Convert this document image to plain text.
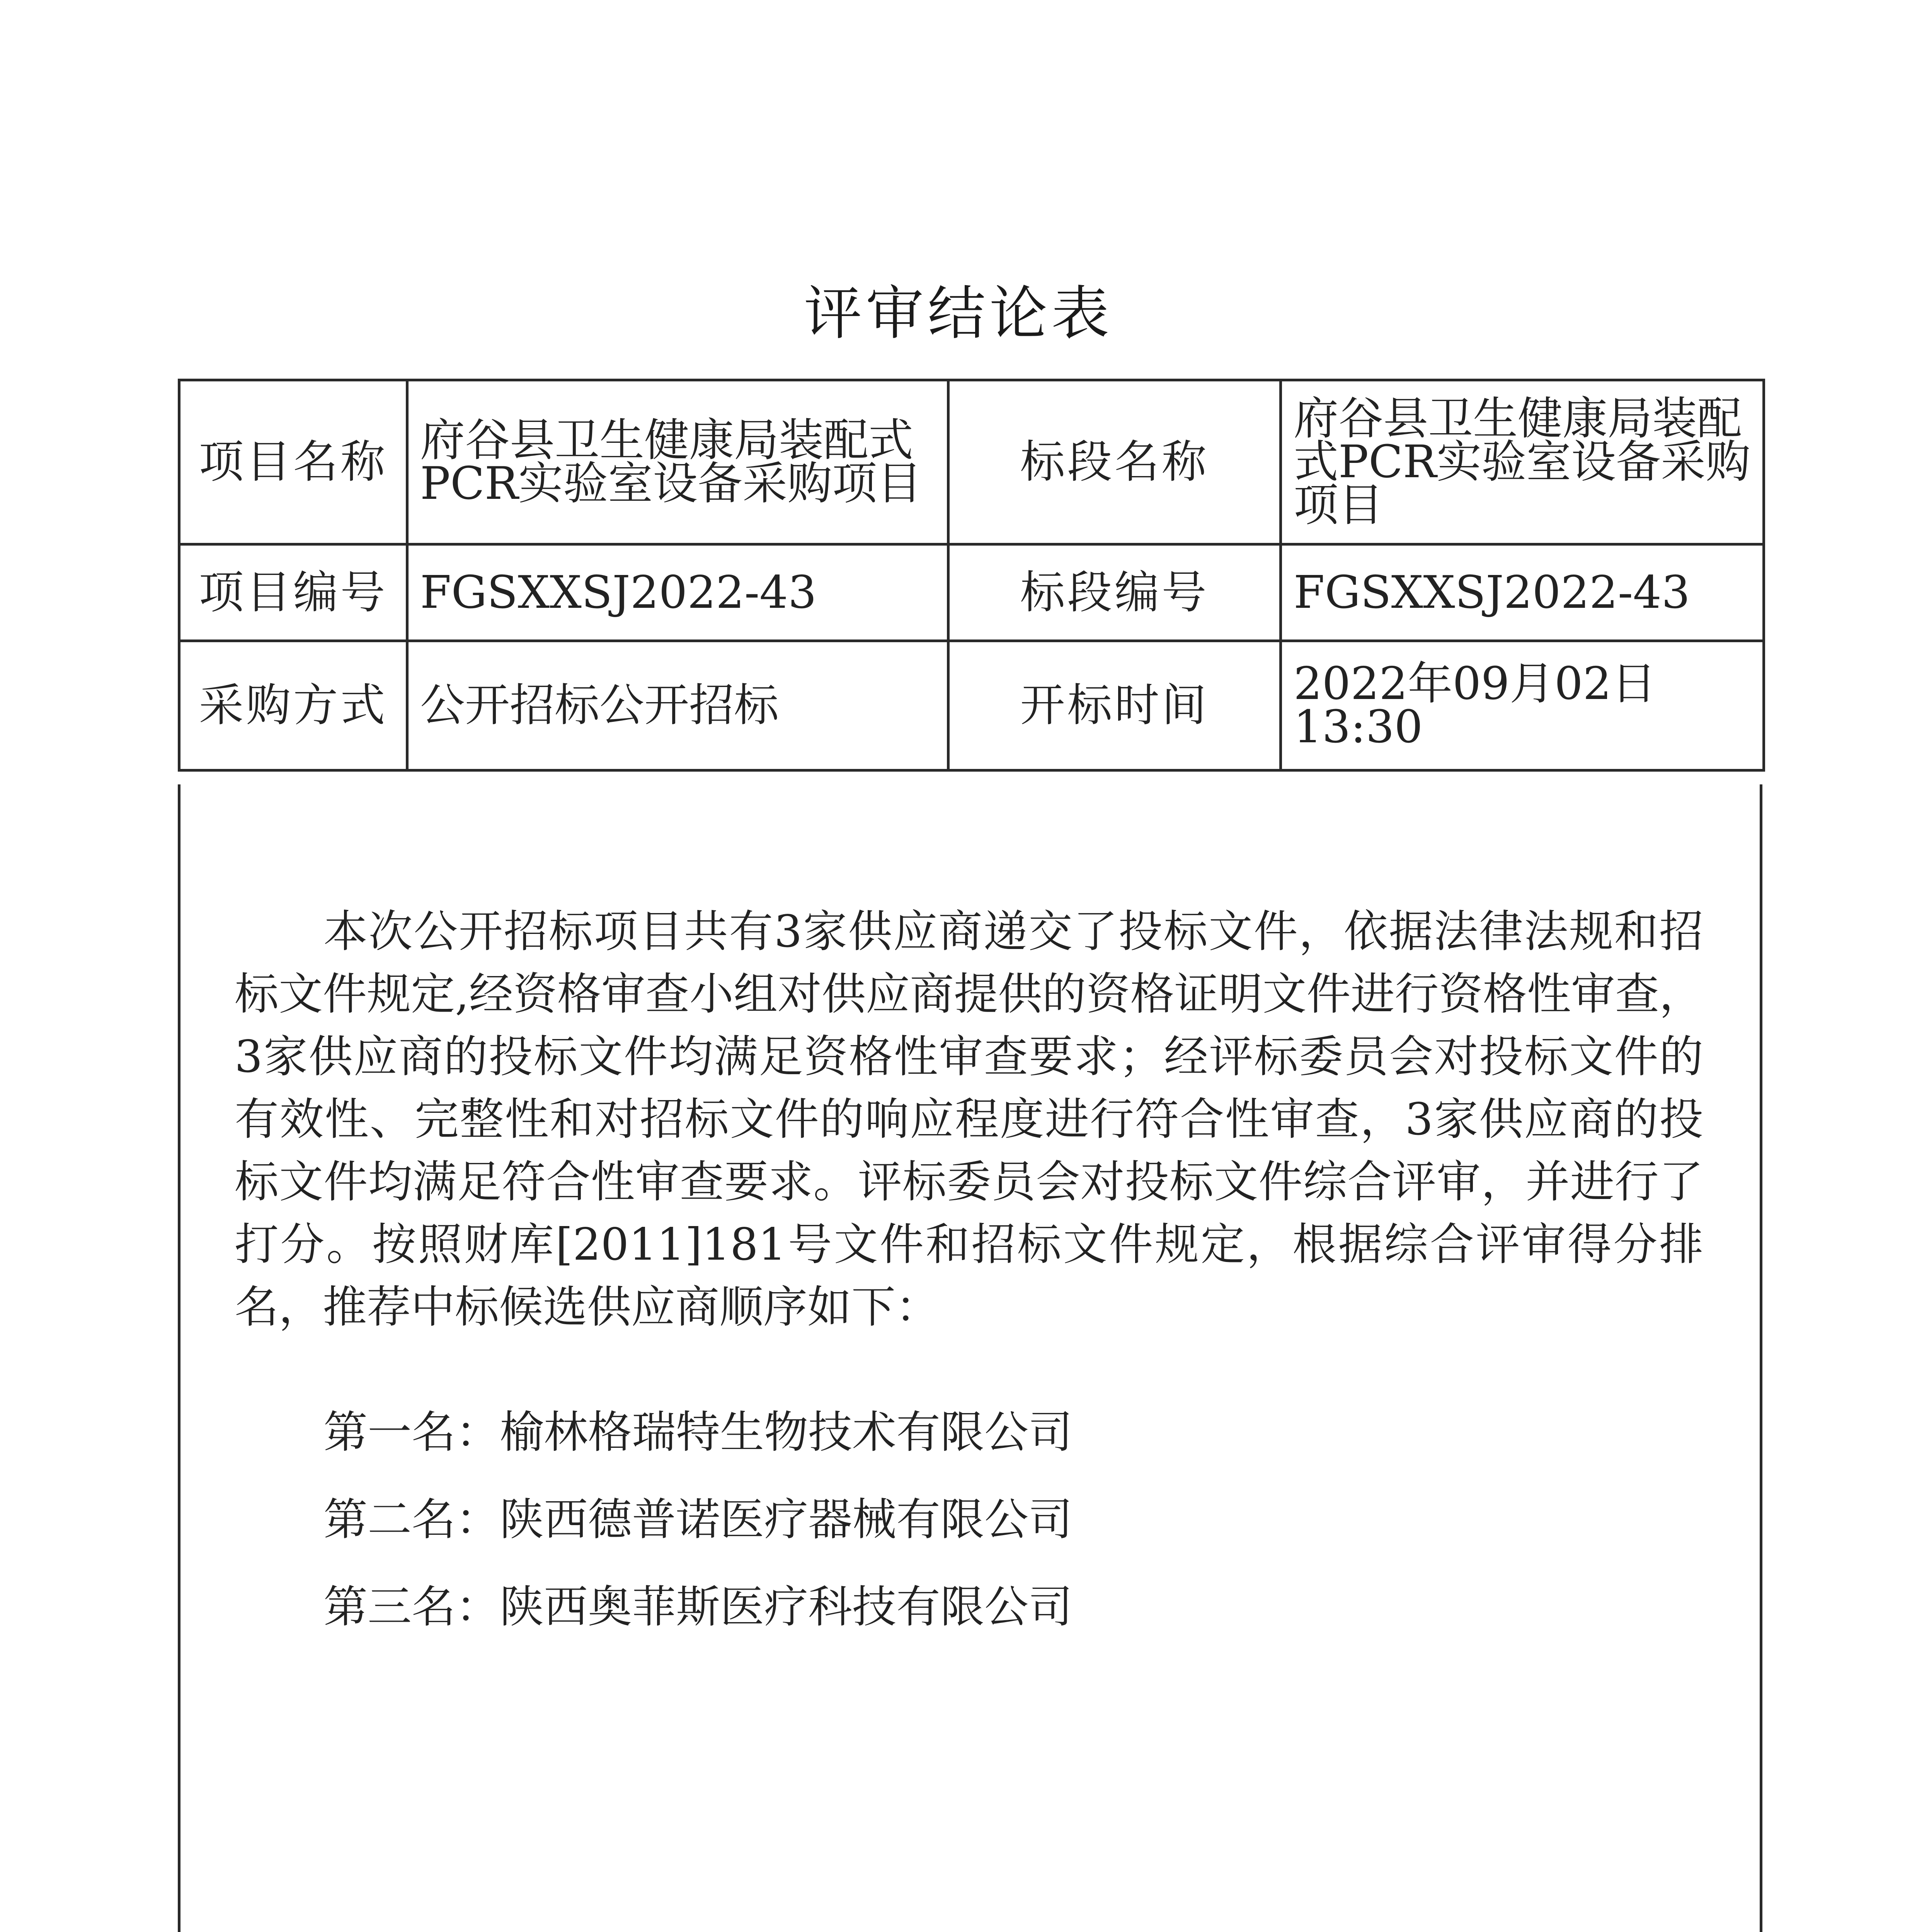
评审结论表
项目名称	府谷县卫生健康局装配式PCR实验室设备采购项目	标段名称	府谷县卫生健康局装配式PCR实验室设备采购项目
项目编号	FGSXXSJ2022-43	标段编号	FGSXXSJ2022-43
采购方式	公开招标公开招标	开标时间	2022年09月02日 13:30

本次公开招标项目共有3家供应商递交了投标文件，依据法律法规和招标文件规定,经资格审查小组对供应商提供的资格证明文件进行资格性审查，3家供应商的投标文件均满足资格性审查要求；经评标委员会对投标文件的有效性、完整性和对招标文件的响应程度进行符合性审查，3家供应商的投标文件均满足符合性审查要求。评标委员会对投标文件综合评审，并进行了打分。按照财库[2011]181号文件和招标文件规定，根据综合评审得分排名，推荐中标候选供应商顺序如下：

第一名：榆林格瑞特生物技术有限公司
第二名：陕西德普诺医疗器械有限公司
第三名：陕西奥菲斯医疗科技有限公司
